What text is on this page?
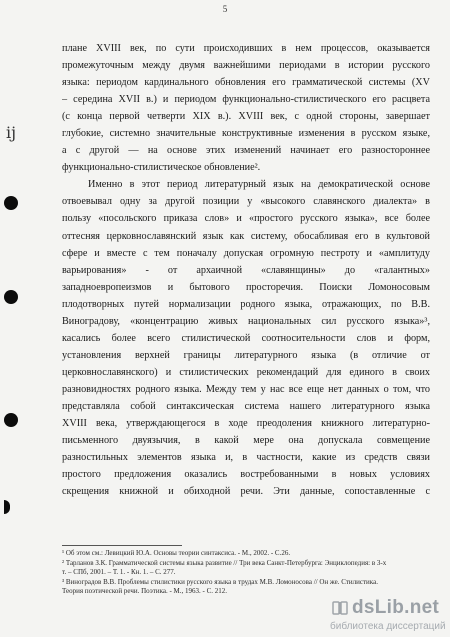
5
ij
плане XVIII век, по сути происходивших в нем процессов, оказывается
промежуточным между двумя важнейшими периодами в истории русского
языка: периодом кардинального обновления его грамматической системы (XV
– середина XVII в.) и периодом функционально-стилистического его расцвета
(с конца первой четверти XIX в.). XVIII век, с одной стороны, завершает
глубокие, системно значительные конструктивные изменения в русском языке,
а с другой — на основе этих изменений начинает его разностороннее
функционально-стилистическое обновление².
Именно в этот период литературный язык на демократической основе
отвоевывал одну за другой позиции у «высокого славянского диалекта» в
пользу «посольского приказа слов» и «простого русского языка», все более
оттесняя церковнославянский язык как систему, обосабливая его в культовой
сфере и вместе с тем поначалу допуская огромную пестроту и «амплитуду
варьирования» - от архаичной «славянщины» до «галантных»
западноевропеизмов и бытового просторечия. Поиски Ломоносовым
плодотворных путей нормализации родного языка, отражающих, по В.В.
Виноградову, «концентрацию живых национальных сил русского языка»³,
касались более всего стилистической соотносительности слов и форм,
установления верхней границы литературного языка (в отличие от
церковнославянского) и стилистических рекомендаций для единого в своих
разновидностях родного языка. Между тем у нас все еще нет данных о том, что
представляла собой синтаксическая система нашего литературного языка
XVIII века, утверждающегося в ходе преодоления книжного литературно-
письменного двуязычия, в какой мере она допускала совмещение
разностильных элементов языка и, в частности, какие из средств связи
простого предложения оказались востребованными в новых условиях
скрещения книжной и обиходной речи. Эти данные, сопоставленные с
¹ Об этом см.: Левицкий Ю.А. Основы теории синтаксиса. - М., 2002. - С.26.
² Тарланов З.К. Грамматической системы языка развитие // Три века Санкт-Петербурга: Энциклопедия: в 3-х
т. – СПб, 2001. – Т. 1. - Кн. 1. – С. 277.
³ Виноградов В.В. Проблемы стилистики русского языка в трудах М.В. Ломоносова // Он же. Стилистика.
Теория поэтической речи. Поэтика. - М., 1963. - С. 212.
dsLib.net
библиотека диссертаций
